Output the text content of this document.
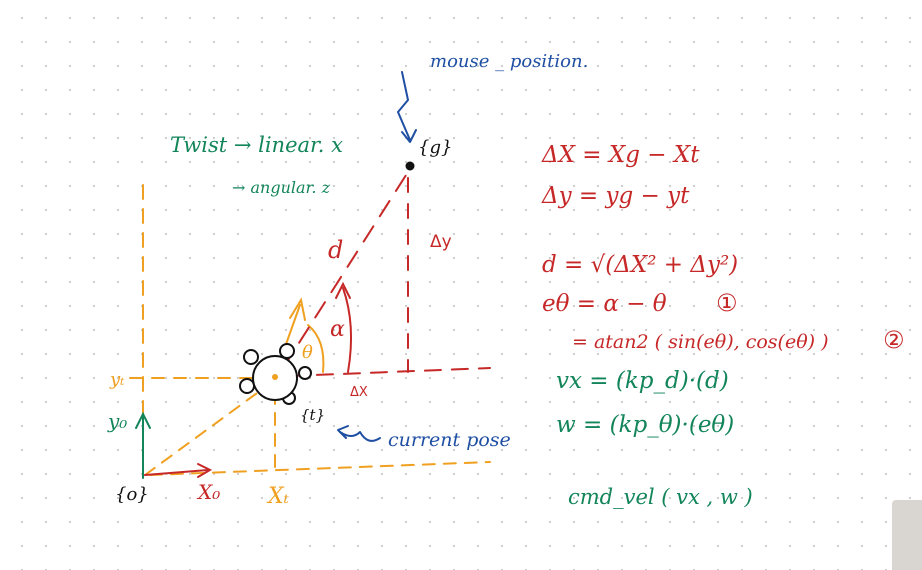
mouse _ position.
current pose
Twist → linear. x
→ angular. z
{g}
{o}
{t}
yₜ
y₀
X₀ Xₜ
d
α
θ
ΔX
Δy
ΔX = Xg − Xt
Δy = yg − yt
d = √(ΔX² + Δy²)
eθ = α − θ ①
= atan2 ( sin(eθ), cos(eθ) ) ②
vx = (kp_d)·(d)
w = (kp_θ)·(eθ)
cmd_vel ( vx , w )
